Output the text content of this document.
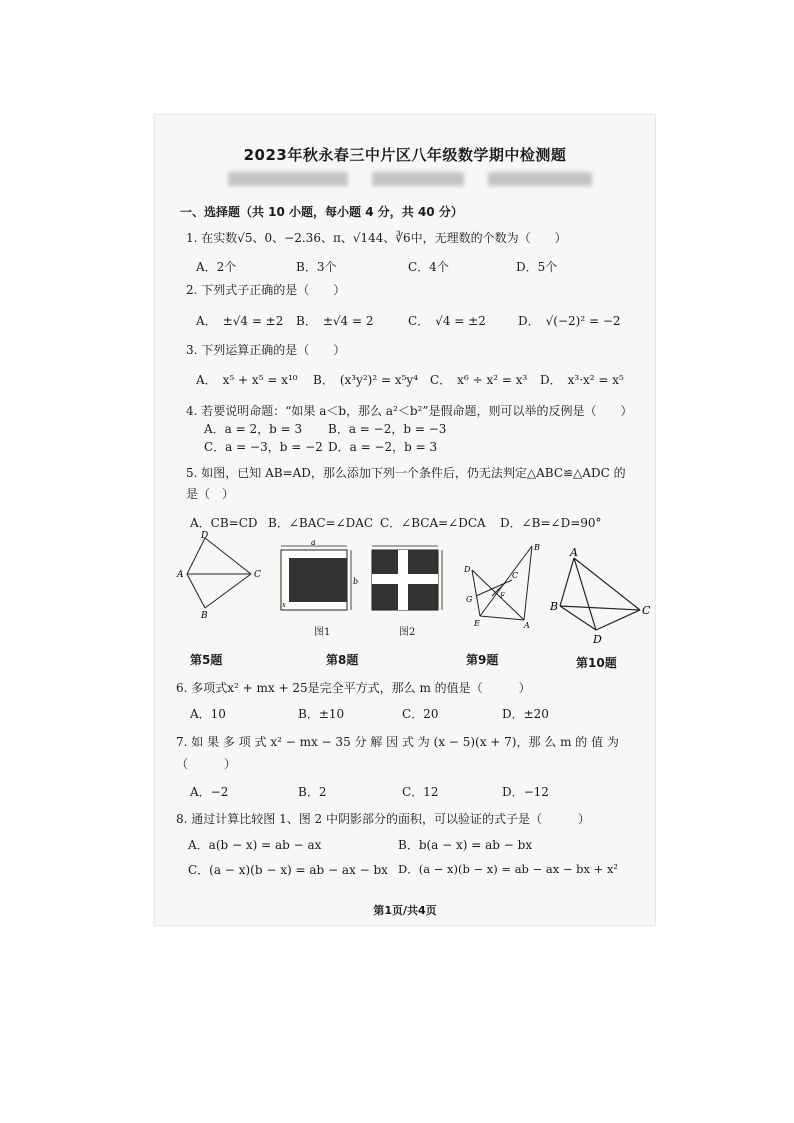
2023年秋永春三中片区八年级数学期中检测题
一、选择题（共 10 小题，每小题 4 分，共 40 分）
1. 在实数√5、0、−2.36、π、√144、∛6中，无理数的个数为（　　）
A．2个	B．3个	C．4个	D．5个
2. 下列式子正确的是（　　）
A．　±√4 = ±2 B．　±√4 = 2	C．　√4 = ±2	D．　√(−2)² = −2
3. 下列运算正确的是（　　）
A．　x⁵ + x⁵ = x¹⁰ B．　(x³y²)² = x⁵y⁴ C．　x⁶ ÷ x² = x³ D．　x³·x² = x⁵
4. 若要说明命题：“如果 a＜b，那么 a²＜b²”是假命题，则可以举的反例是（　　）
A．a = 2，b = 3 B．a = −2，b = −3
C．a = −3，b = −2 D．a = −2，b = 3
5. 如图，已知 AB=AD，那么添加下列一个条件后，仍无法判定△ABC≌△ADC 的
是（　）
A．CB=CD B．∠BAC=∠DAC C．∠BCA=∠DCA D．∠B=∠D=90°
D
A	C
B
a
b
x
图1	图2
D
B
C
F
G
E	A
A
B	C
D
第5题	第8题	第9题	第10题
6. 多项式x² + mx + 25是完全平方式，那么 m 的值是（　　　）
A．10	B．±10	C．20	D．±20
7. 如 果 多 项 式 x² − mx − 35 分 解 因 式 为 (x − 5)(x + 7)，那 么 m 的 值 为
（　　　）
A．−2	B．2	C．12	D．−12
8. 通过计算比较图 1、图 2 中阴影部分的面积，可以验证的式子是（　　　）
A．a(b − x) = ab − ax	B．b(a − x) = ab − bx
C．(a − x)(b − x) = ab − ax − bx D．(a − x)(b − x) = ab − ax − bx + x²
第1页/共4页
